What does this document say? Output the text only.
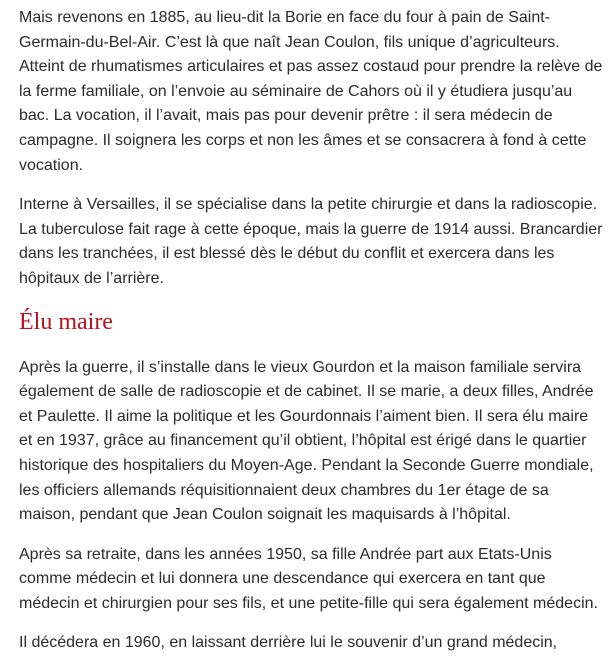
Mais revenons en 1885, au lieu-dit la Borie en face du four à pain de Saint-Germain-du-Bel-Air. C’est là que naît Jean Coulon, fils unique d’agriculteurs. Atteint de rhumatismes articulaires et pas assez costaud pour prendre la relève de la ferme familiale, on l’envoie au séminaire de Cahors où il y étudiera jusqu’au bac. La vocation, il l’avait, mais pas pour devenir prêtre : il sera médecin de campagne. Il soignera les corps et non les âmes et se consacrera à fond à cette vocation.

Interne à Versailles, il se spécialise dans la petite chirurgie et dans la radioscopie. La tuberculose fait rage à cette époque, mais la guerre de 1914 aussi. Brancardier dans les tranchées, il est blessé dès le début du conflit et exercera dans les hôpitaux de l’arrière.

Élu maire

Après la guerre, il s’installe dans le vieux Gourdon et la maison familiale servira également de salle de radioscopie et de cabinet. Il se marie, a deux filles, Andrée et Paulette. Il aime la politique et les Gourdonnais l’aiment bien. Il sera élu maire et en 1937, grâce au financement qu’il obtient, l’hôpital est érigé dans le quartier historique des hospitaliers du Moyen-Age. Pendant la Seconde Guerre mondiale, les officiers allemands réquisitionnaient deux chambres du 1er étage de sa maison, pendant que Jean Coulon soignait les maquisards à l’hôpital.

Après sa retraite, dans les années 1950, sa fille Andrée part aux Etats-Unis comme médecin et lui donnera une descendance qui exercera en tant que médecin et chirurgien pour ses fils, et une petite-fille qui sera également médecin.

Il décédera en 1960, en laissant derrière lui le souvenir d’un grand médecin,
